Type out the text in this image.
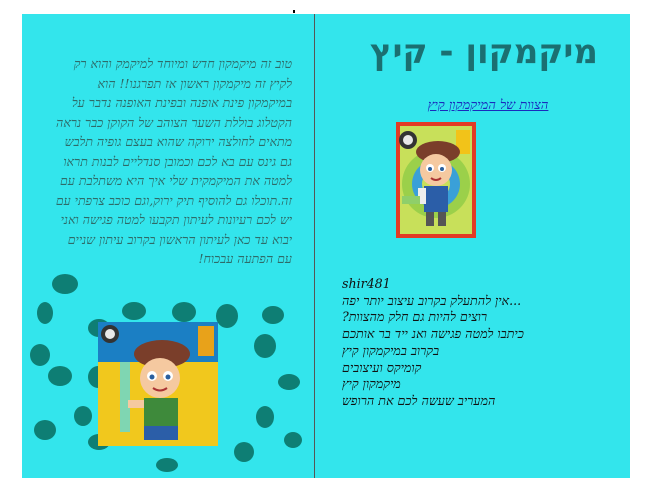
טוב זה מיקמקון חדש ומיוחד למיקמק והוא רק לקיץ זה מיקמקון ראשון אז תפרגנו!! הוא במיקמקון פינת אופנה ובפינת האופנה נדבר על הקטלוג בוללת השער הצוהב של הקוקן כבר נראה מתאים לחולצה ירוקה שהוא בעצם גופיה תלבש גם גינס עם בא לכם וכמובן סנדליים לבנות תראו למטה את המיקמקית שלי איך היא משתלבת עם זה.תוכלו גם להוסיף תיק ירוק,וגם כוכב צרפתי עם יש לכם רעיונות לעיתון תקבעו למטה פגישה ואני יבוא עד כאן לעיתון הראשון בקרוב עיתון שניים עם הפתעה עבכוח!
מיקמקון - קיץ
הצוות של המיקמקון קיץ
shir481
...אין להתעלק בקרוב עיצוב יותר יפה
רוצים להיות גם חלק מהצוות?
כיתבו למטה פגישה ואנ ייד בר אותכם
בקרוב במיקמקון קיץ
קומיקס ועיצובים
מיקמקון קיץ
המעריב שעשה לכם את הרופש
